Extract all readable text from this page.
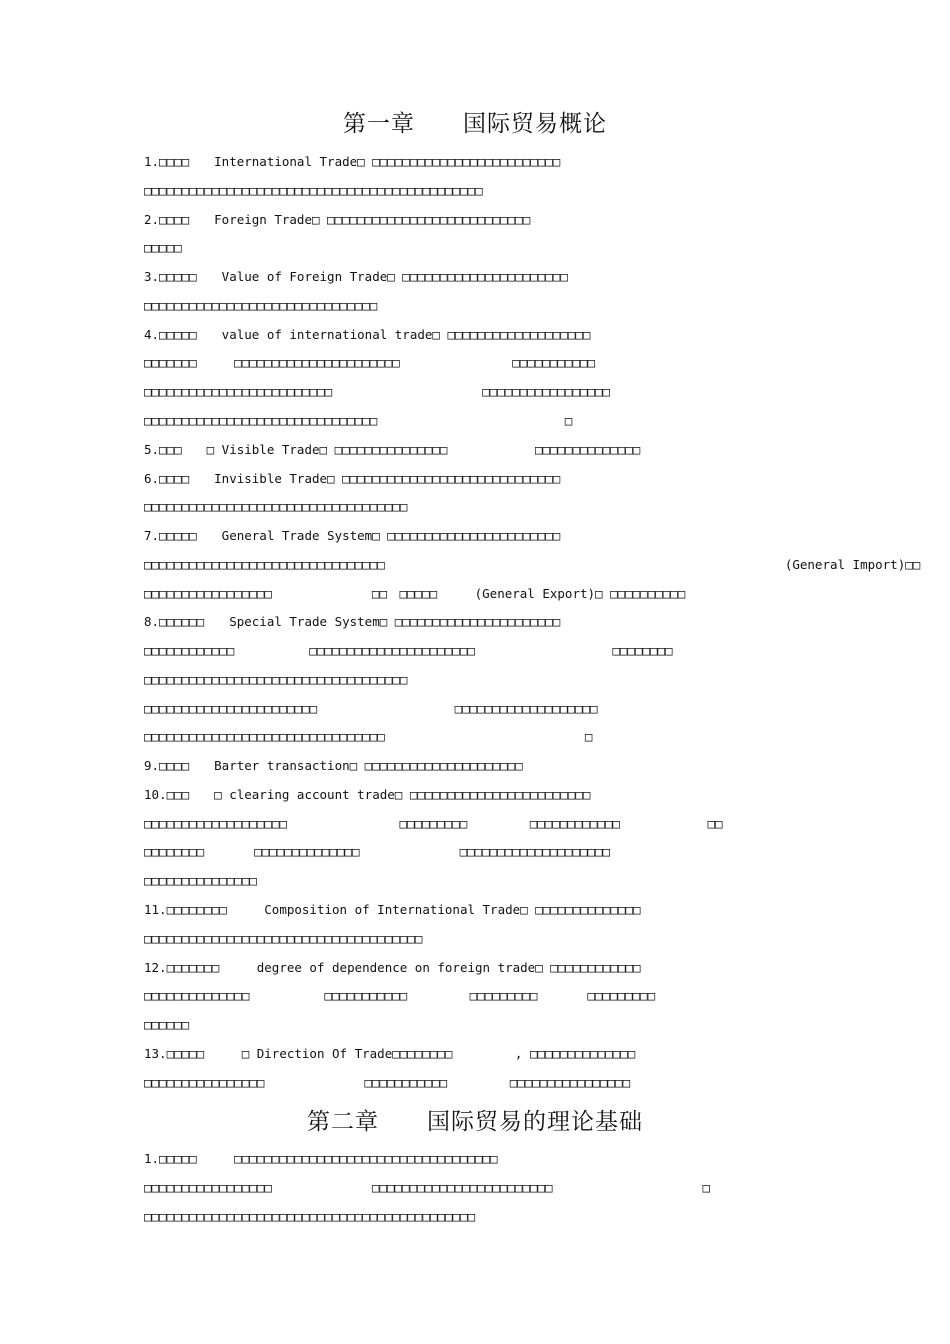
第一章　　国际贸易概论
1.□□□□　　International Trade□ □□□□□□□□□□□□□□□□□□□□□□□□□
□□□□□□□□□□□□□□□□□□□□□□□□□□□□□□□□□□□□□□□□□□□□□
2.□□□□　　Foreign Trade□ □□□□□□□□□□□□□□□□□□□□□□□□□□□
□□□□□
3.□□□□□　　Value of Foreign Trade□ □□□□□□□□□□□□□□□□□□□□□□
□□□□□□□□□□□□□□□□□□□□□□□□□□□□□□□
4.□□□□□　　value of international trade□ □□□□□□□□□□□□□□□□□□□
□□□□□□□　　　□□□□□□□□□□□□□□□□□□□□□□　　　　　　　　　□□□□□□□□□□□
□□□□□□□□□□□□□□□□□□□□□□□□□　　　　　　　　　　　　□□□□□□□□□□□□□□□□□
□□□□□□□□□□□□□□□□□□□□□□□□□□□□□□□　　　　　　　　　　　　　　　□
5.□□□　　□ Visible Trade□ □□□□□□□□□□□□□□□　　　　　　　□□□□□□□□□□□□□□
6.□□□□　　Invisible Trade□ □□□□□□□□□□□□□□□□□□□□□□□□□□□□□
□□□□□□□□□□□□□□□□□□□□□□□□□□□□□□□□□□□
7.□□□□□　　General Trade System□ □□□□□□□□□□□□□□□□□□□□□□□
□□□□□□□□□□□□□□□□□□□□□□□□□□□□□□□□　　　　　　　　　　　　　　　　　　　　　　　　　　　　　　　　(General Import)□□
□□□□□□□□□□□□□□□□□　　　　　　　　□□　□□□□□　　　(General Export)□ □□□□□□□□□□
8.□□□□□□　　Special Trade System□ □□□□□□□□□□□□□□□□□□□□□□
□□□□□□□□□□□□　　　　　　□□□□□□□□□□□□□□□□□□□□□□　　　　　　　　　　　□□□□□□□□
□□□□□□□□□□□□□□□□□□□□□□□□□□□□□□□□□□□
□□□□□□□□□□□□□□□□□□□□□□□　　　　　　　　　　　□□□□□□□□□□□□□□□□□□□
□□□□□□□□□□□□□□□□□□□□□□□□□□□□□□□□　　　　　　　　　　　　　　　　□
9.□□□□　　Barter transaction□ □□□□□□□□□□□□□□□□□□□□□
10.□□□　　□ clearing account trade□ □□□□□□□□□□□□□□□□□□□□□□□□
□□□□□□□□□□□□□□□□□□□　　　　　　　　　□□□□□□□□□　　　　　□□□□□□□□□□□□　　　　　　　□□
□□□□□□□□　　　　□□□□□□□□□□□□□□　　　　　　　　□□□□□□□□□□□□□□□□□□□□
□□□□□□□□□□□□□□□
11.□□□□□□□□　　　Composition of International Trade□ □□□□□□□□□□□□□□
□□□□□□□□□□□□□□□□□□□□□□□□□□□□□□□□□□□□□
12.□□□□□□□　　　degree of dependence on foreign trade□ □□□□□□□□□□□□
□□□□□□□□□□□□□□　　　　　　□□□□□□□□□□□　　　　　□□□□□□□□□　　　　□□□□□□□□□
□□□□□□
13.□□□□□　　　□ Direction Of Trade□□□□□□□□　　　　　, □□□□□□□□□□□□□□
□□□□□□□□□□□□□□□□　　　　　　　　□□□□□□□□□□□　　　　　□□□□□□□□□□□□□□□□
第二章　　国际贸易的理论基础
1.□□□□□　　　□□□□□□□□□□□□□□□□□□□□□□□□□□□□□□□□□□□
□□□□□□□□□□□□□□□□□　　　　　　　　□□□□□□□□□□□□□□□□□□□□□□□□　　　　　　　　　　　　□
□□□□□□□□□□□□□□□□□□□□□□□□□□□□□□□□□□□□□□□□□□□□
